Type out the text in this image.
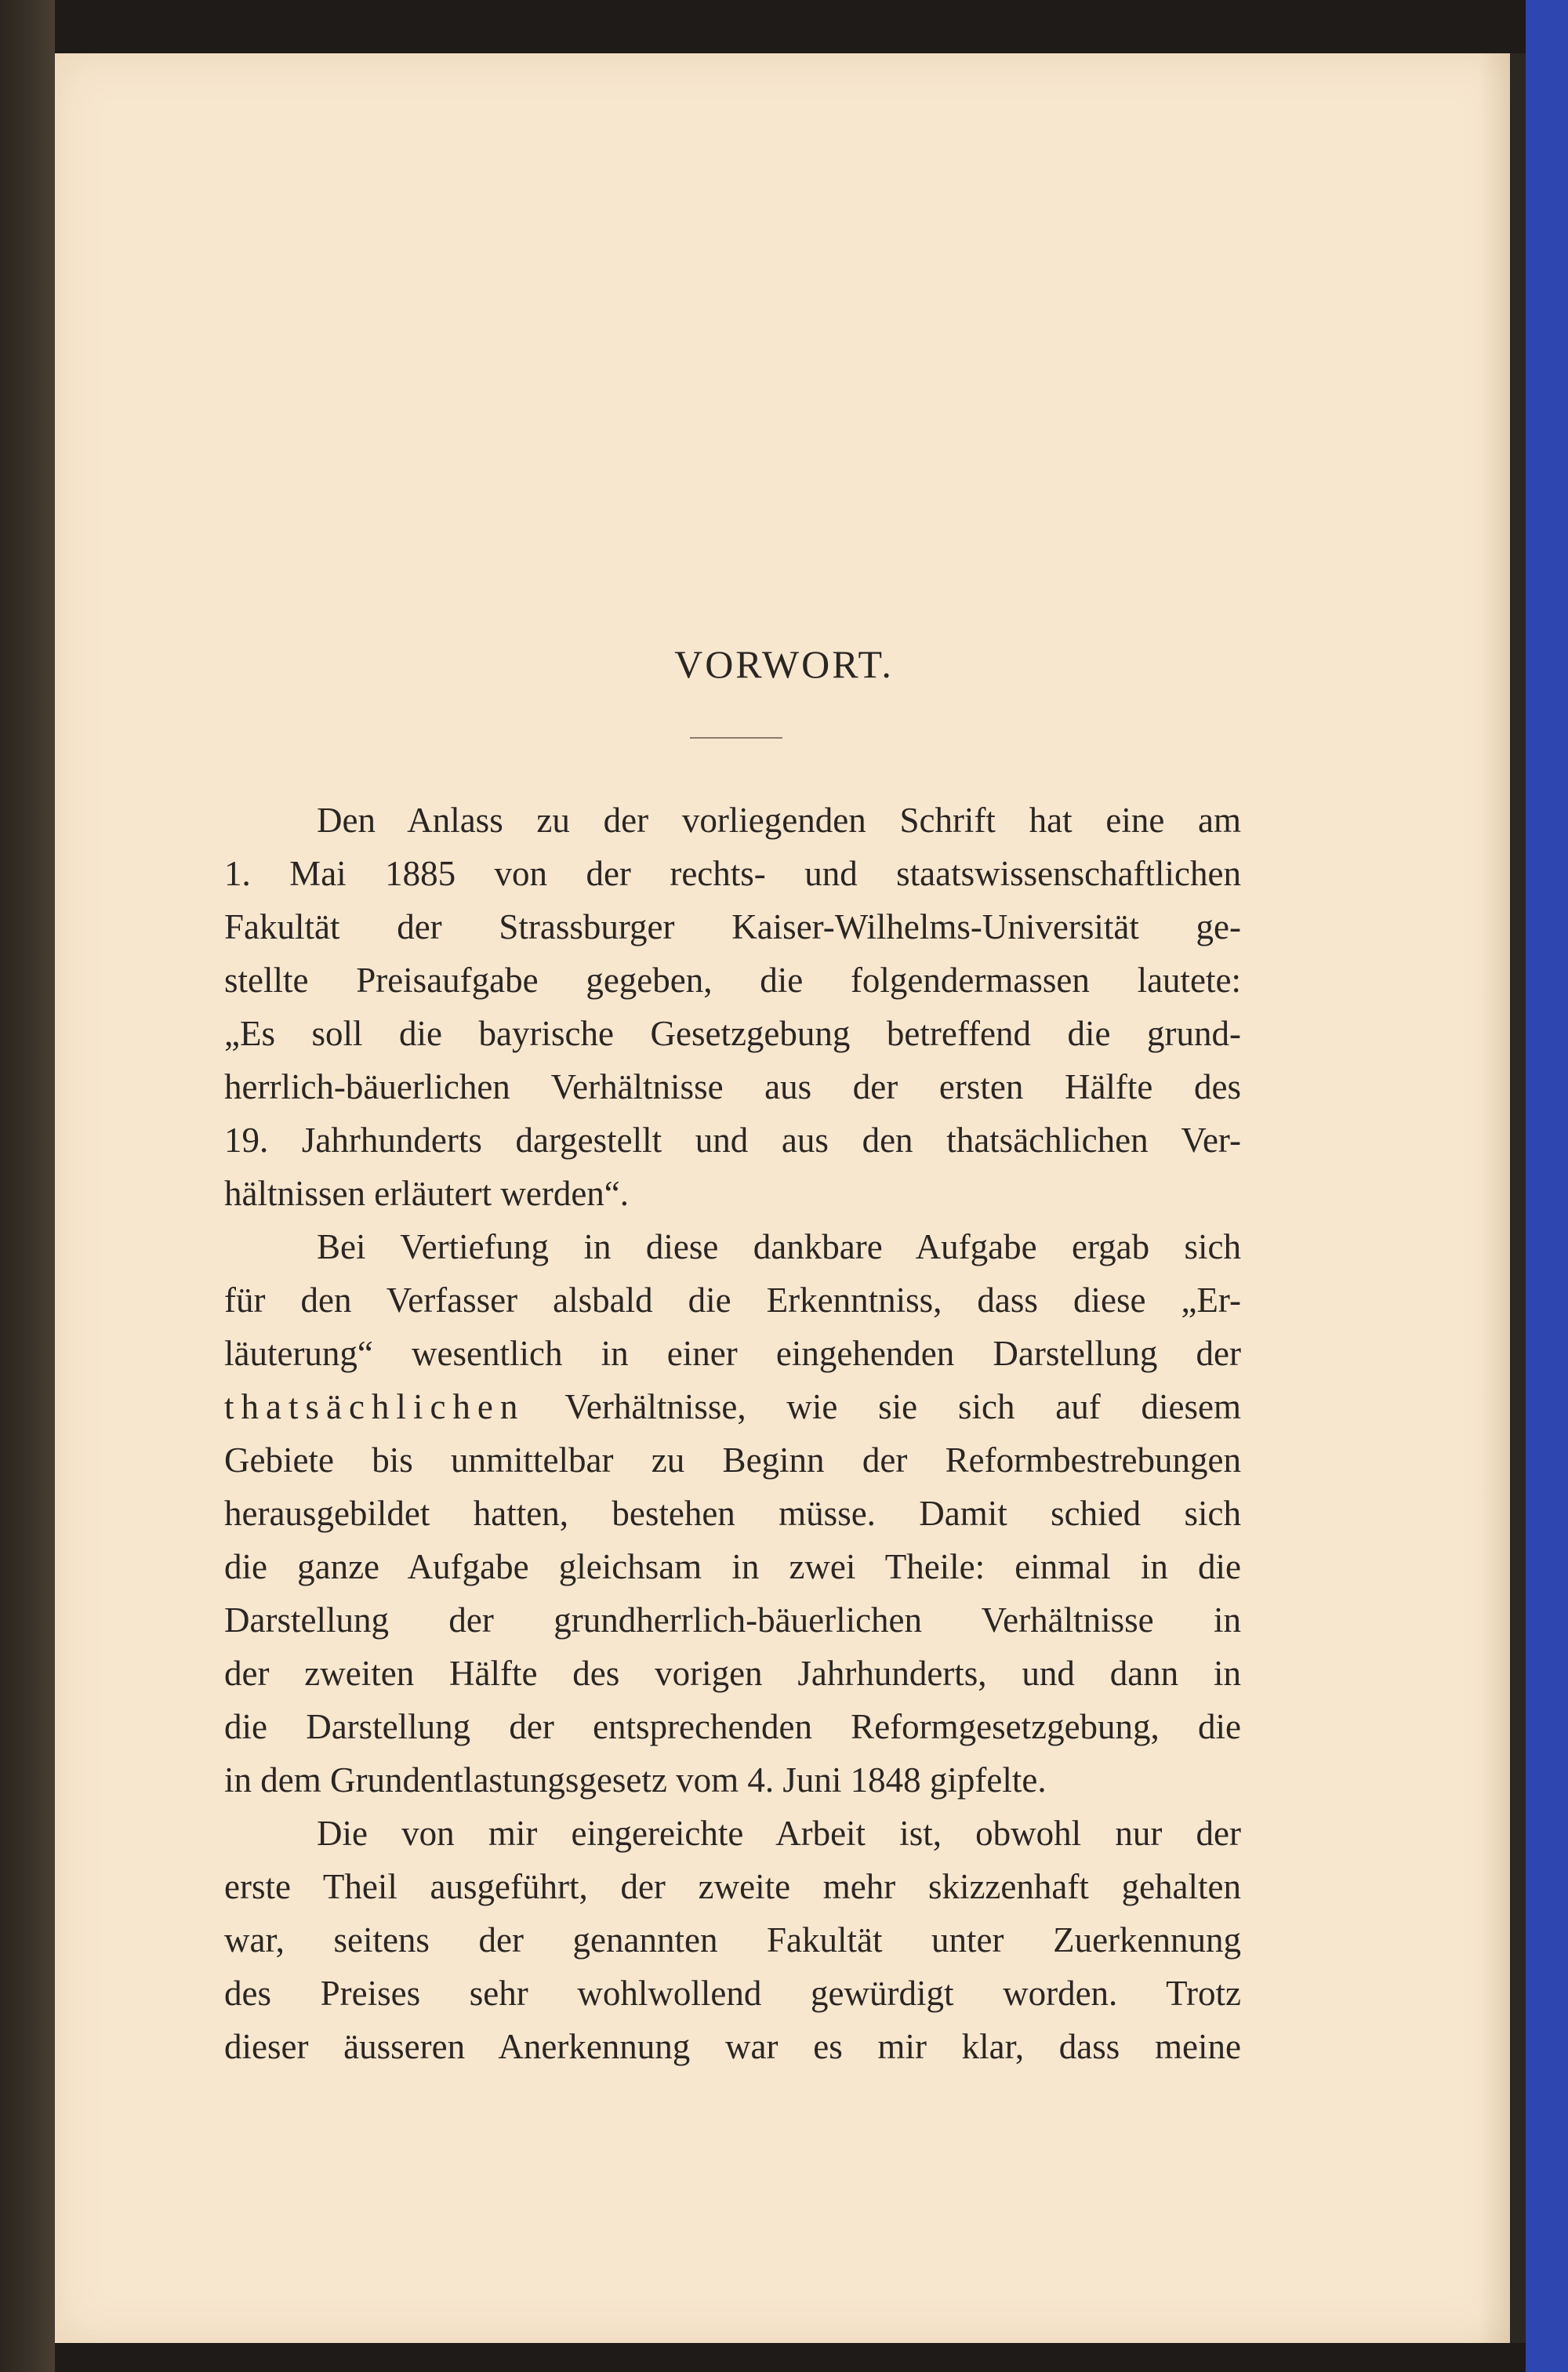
VORWORT.
Den Anlass zu der vorliegenden Schrift hat eine am
1. Mai 1885 von der rechts- und staatswissenschaftlichen
Fakultät der Strassburger Kaiser-Wilhelms-Universität ge-
stellte Preisaufgabe gegeben, die folgendermassen lautete:
„Es soll die bayrische Gesetzgebung betreffend die grund-
herrlich-bäuerlichen Verhältnisse aus der ersten Hälfte des
19. Jahrhunderts dargestellt und aus den thatsächlichen Ver-
hältnissen erläutert werden“.
Bei Vertiefung in diese dankbare Aufgabe ergab sich
für den Verfasser alsbald die Erkenntniss, dass diese „Er-
läuterung“ wesentlich in einer eingehenden Darstellung der
thatsächlichen Verhältnisse, wie sie sich auf diesem
Gebiete bis unmittelbar zu Beginn der Reformbestrebungen
herausgebildet hatten, bestehen müsse. Damit schied sich
die ganze Aufgabe gleichsam in zwei Theile: einmal in die
Darstellung der grundherrlich-bäuerlichen Verhältnisse in
der zweiten Hälfte des vorigen Jahrhunderts, und dann in
die Darstellung der entsprechenden Reformgesetzgebung, die
in dem Grundentlastungsgesetz vom 4. Juni 1848 gipfelte.
Die von mir eingereichte Arbeit ist, obwohl nur der
erste Theil ausgeführt, der zweite mehr skizzenhaft gehalten
war, seitens der genannten Fakultät unter Zuerkennung
des Preises sehr wohlwollend gewürdigt worden. Trotz
dieser äusseren Anerkennung war es mir klar, dass meine
